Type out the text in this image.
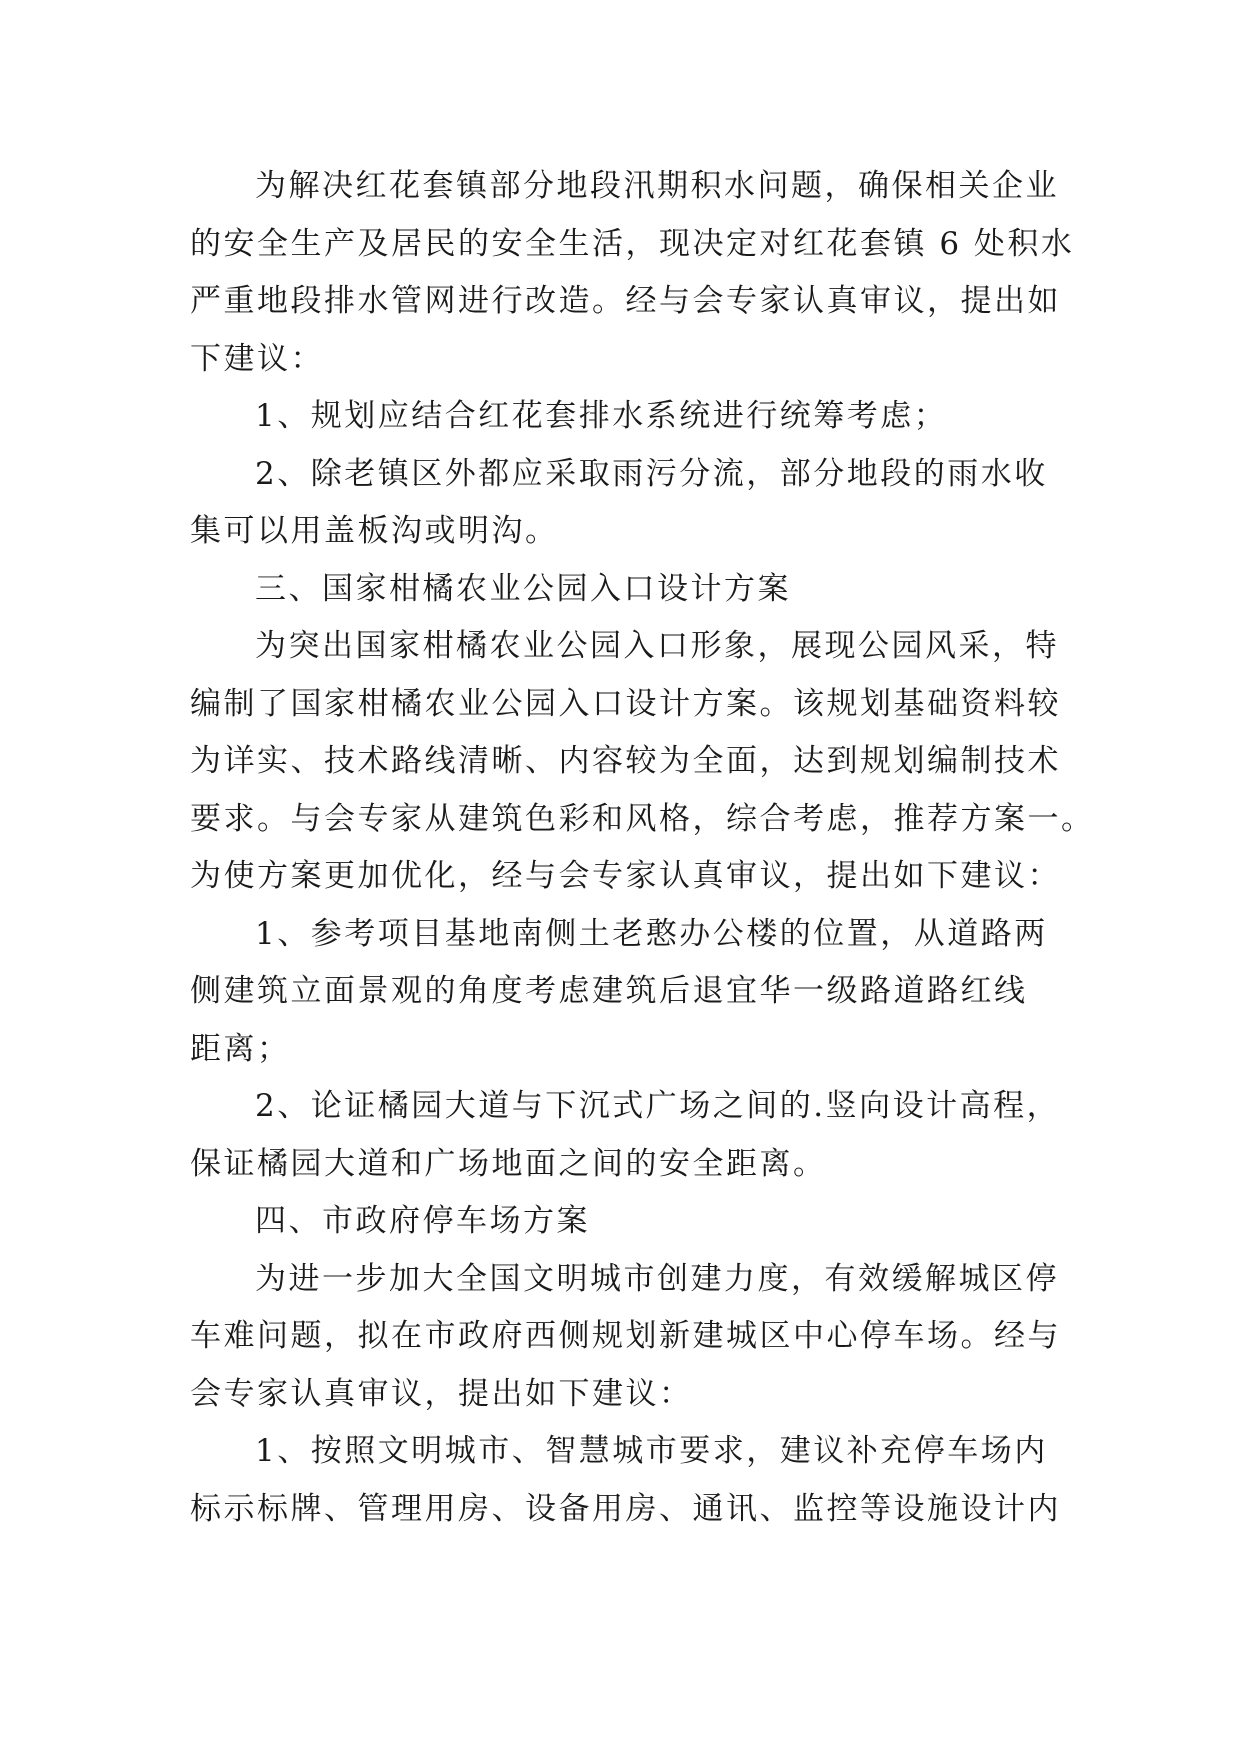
为解决红花套镇部分地段汛期积水问题，确保相关企业
的安全生产及居民的安全生活，现决定对红花套镇 6 处积水
严重地段排水管网进行改造。经与会专家认真审议，提出如
下建议：
1、规划应结合红花套排水系统进行统筹考虑；
2、除老镇区外都应采取雨污分流，部分地段的雨水收
集可以用盖板沟或明沟。
三、国家柑橘农业公园入口设计方案
为突出国家柑橘农业公园入口形象，展现公园风采，特
编制了国家柑橘农业公园入口设计方案。该规划基础资料较
为详实、技术路线清晰、内容较为全面，达到规划编制技术
要求。与会专家从建筑色彩和风格，综合考虑，推荐方案一。
为使方案更加优化，经与会专家认真审议，提出如下建议：
1、参考项目基地南侧土老憨办公楼的位置，从道路两
侧建筑立面景观的角度考虑建筑后退宜华一级路道路红线
距离；
2、论证橘园大道与下沉式广场之间的.竖向设计高程，
保证橘园大道和广场地面之间的安全距离。
四、市政府停车场方案
为进一步加大全国文明城市创建力度，有效缓解城区停
车难问题，拟在市政府西侧规划新建城区中心停车场。经与
会专家认真审议，提出如下建议：
1、按照文明城市、智慧城市要求，建议补充停车场内
标示标牌、管理用房、设备用房、通讯、监控等设施设计内
